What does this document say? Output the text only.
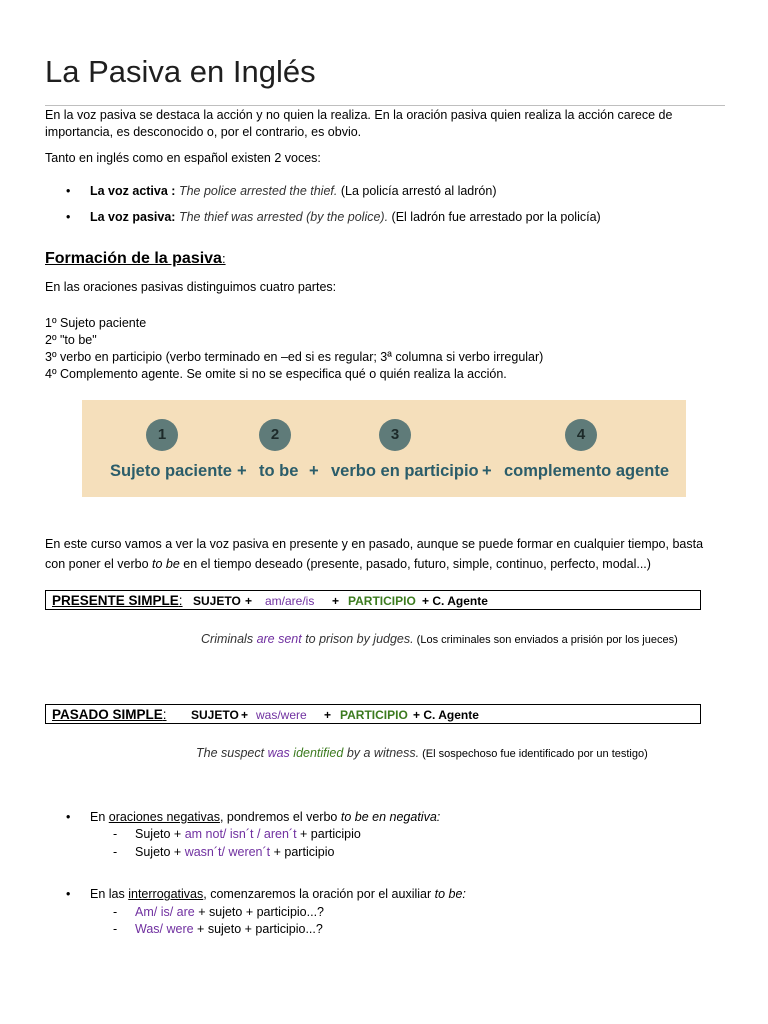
La Pasiva en Inglés
En la voz pasiva se destaca la acción y no quien la realiza. En la oración pasiva quien realiza la acción carece de
importancia, es desconocido o, por el contrario, es obvio.
Tanto en inglés como en español existen 2 voces:
• La voz activa : The police arrested the thief. (La policía arrestó al ladrón)
• La voz pasiva: The thief was arrested (by the police). (El ladrón fue arrestado por la policía)
Formación de la pasiva:
En las oraciones pasivas distinguimos cuatro partes:
1º Sujeto paciente
2º "to be"
3º verbo en participio (verbo terminado en –ed si es regular; 3ª columna si verbo irregular)
4º Complemento agente. Se omite si no se especifica qué o quién realiza la acción.
1	2	3	4
Sujeto paciente + to be + verbo en participio + complemento agente
En este curso vamos a ver la voz pasiva en presente y en pasado, aunque se puede formar en cualquier tiempo, basta
con poner el verbo to be en el tiempo deseado (presente, pasado, futuro, simple, continuo, perfecto, modal...)
PRESENTE SIMPLE: SUJETO + am/are/is + PARTICIPIO + C. Agente
Criminals are sent to prison by judges. (Los criminales son enviados a prisión por los jueces)
PASADO SIMPLE: SUJETO + was/were + PARTICIPIO + C. Agente
The suspect was identified by a witness. (El sospechoso fue identificado por un testigo)
• En oraciones negativas, pondremos el verbo to be en negativa:
- Sujeto + am not/ isn´t / aren´t + participio
- Sujeto + wasn´t/ weren´t + participio
• En las interrogativas, comenzaremos la oración por el auxiliar to be:
- Am/ is/ are + sujeto + participio...?
- Was/ were + sujeto + participio...?
